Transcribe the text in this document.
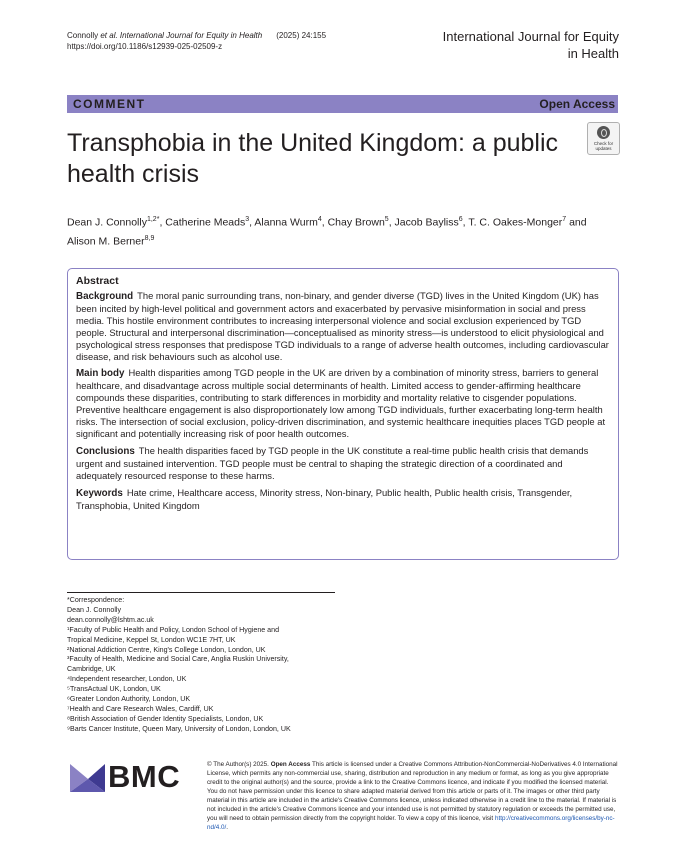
Connolly et al. International Journal for Equity in Health (2025) 24:155
https://doi.org/10.1186/s12939-025-02509-z
International Journal for Equity
in Health
COMMENT	Open Access
Transphobia in the United Kingdom: a public health crisis
Check for
updates
Dean J. Connolly$^{1,2*}$, Catherine Meads$^3$, Alanna Wurm$^4$, Chay Brown$^5$, Jacob Bayliss$^6$, T. C. Oakes-Monger$^7$ and Alison M. Berner$^{8,9}$
Abstract

Background The moral panic surrounding trans, non-binary, and gender diverse (TGD) lives in the United Kingdom (UK) has been incited by high-level political and government actors and exacerbated by pervasive misinformation in social and press media. This hostile environment contributes to increasing interpersonal violence and social exclusion experienced by TGD people. Structural and interpersonal discrimination—conceptualised as minority stress—is understood to elicit physiological and psychological stress responses that predispose TGD individuals to a range of adverse health outcomes, including cardiovascular disease, and risk behaviours such as alcohol use.

Main body Health disparities among TGD people in the UK are driven by a combination of minority stress, barriers to general healthcare, and disadvantage across multiple social determinants of health. Limited access to gender-affirming healthcare compounds these disparities, contributing to stark differences in morbidity and mortality relative to cisgender populations. Preventive healthcare engagement is also disproportionately low among TGD individuals, further exacerbating long-term health risks. The intersection of social exclusion, policy-driven discrimination, and systemic healthcare inequities places TGD people at significant and potentially increasing risk of poor health outcomes.

Conclusions The health disparities faced by TGD people in the UK constitute a real-time public health crisis that demands urgent and sustained intervention. TGD people must be central to shaping the strategic direction of a coordinated and adequately resourced response to these harms.

Keywords Hate crime, Healthcare access, Minority stress, Non-binary, Public health, Public health crisis, Transgender, Transphobia, United Kingdom

*Correspondence:
Dean J. Connolly
dean.connolly@lshtm.ac.uk
¹Faculty of Public Health and Policy, London School of Hygiene and
Tropical Medicine, Keppel St, London WC1E 7HT, UK
²National Addiction Centre, King's College London, London, UK
³Faculty of Health, Medicine and Social Care, Anglia Ruskin University,
Cambridge, UK
⁴Independent researcher, London, UK
⁵TransActual UK, London, UK
⁶Greater London Authority, London, UK
⁷Health and Care Research Wales, Cardiff, UK
⁸British Association of Gender Identity Specialists, London, UK
⁹Barts Cancer Institute, Queen Mary, University of London, London, UK
BMC	© The Author(s) 2025. Open Access This article is licensed under a Creative Commons Attribution-NonCommercial-NoDerivatives 4.0 International License, which permits any non-commercial use, sharing, distribution and reproduction in any medium or format, as long as you give appropriate credit to the original author(s) and the source, provide a link to the Creative Commons licence, and indicate if you modified the licensed material. You do not have permission under this licence to share adapted material derived from this article or parts of it. The images or other third party material in this article are included in the article's Creative Commons licence, unless indicated otherwise in a credit line to the material. If material is not included in the article's Creative Commons licence and your intended use is not permitted by statutory regulation or exceeds the permitted use, you will need to obtain permission directly from the copyright holder. To view a copy of this licence, visit http://creativecommons.org/licenses/by-nc-nd/4.0/.
